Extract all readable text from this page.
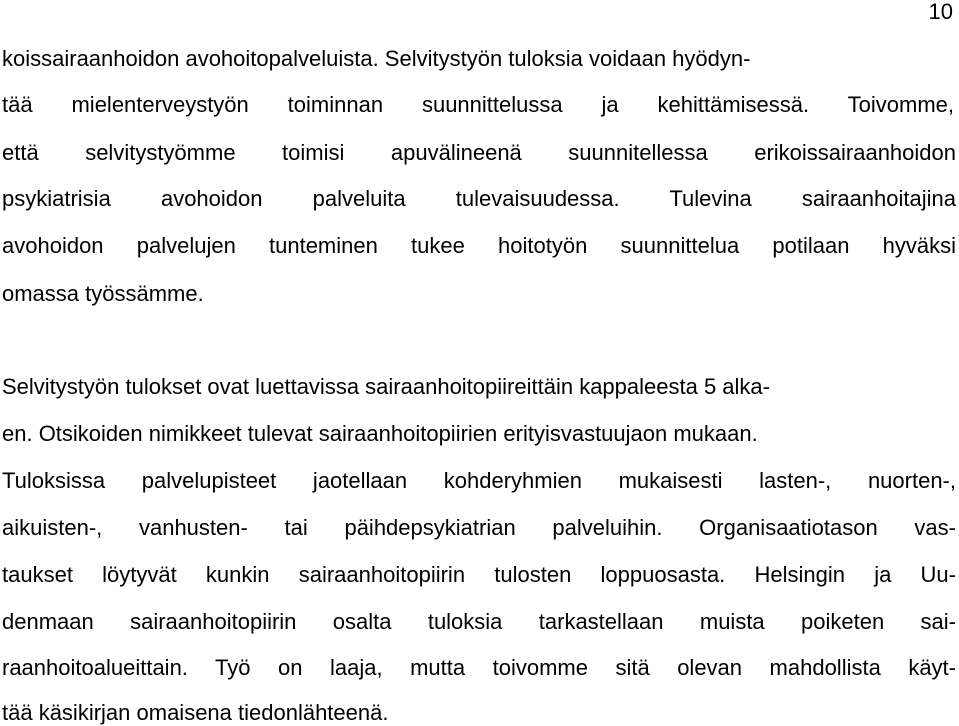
10
koissairaanhoidon avohoitopalveluista. Selvitystyön tuloksia voidaan hyödyn-
tää mielenterveystyön toiminnan suunnittelussa ja kehittämisessä. Toivomme,
että selvitystyömme toimisi apuvälineenä suunnitellessa erikoissairaanhoidon
psykiatrisia avohoidon palveluita tulevaisuudessa. Tulevina sairaanhoitajina
avohoidon palvelujen tunteminen tukee hoitotyön suunnittelua potilaan hyväksi
omassa työssämme.
Selvitystyön tulokset ovat luettavissa sairaanhoitopiireittäin kappaleesta 5 alka-
en. Otsikoiden nimikkeet tulevat sairaanhoitopiirien erityisvastuujaon mukaan.
Tuloksissa palvelupisteet jaotellaan kohderyhmien mukaisesti lasten-, nuorten-,
aikuisten-, vanhusten- tai päihdepsykiatrian palveluihin. Organisaatiotason vas-
taukset löytyvät kunkin sairaanhoitopiirin tulosten loppuosasta. Helsingin ja Uu-
denmaan sairaanhoitopiirin osalta tuloksia tarkastellaan muista poiketen sai-
raanhoitoalueittain. Työ on laaja, mutta toivomme sitä olevan mahdollista käyt-
tää käsikirjan omaisena tiedonlähteenä.
